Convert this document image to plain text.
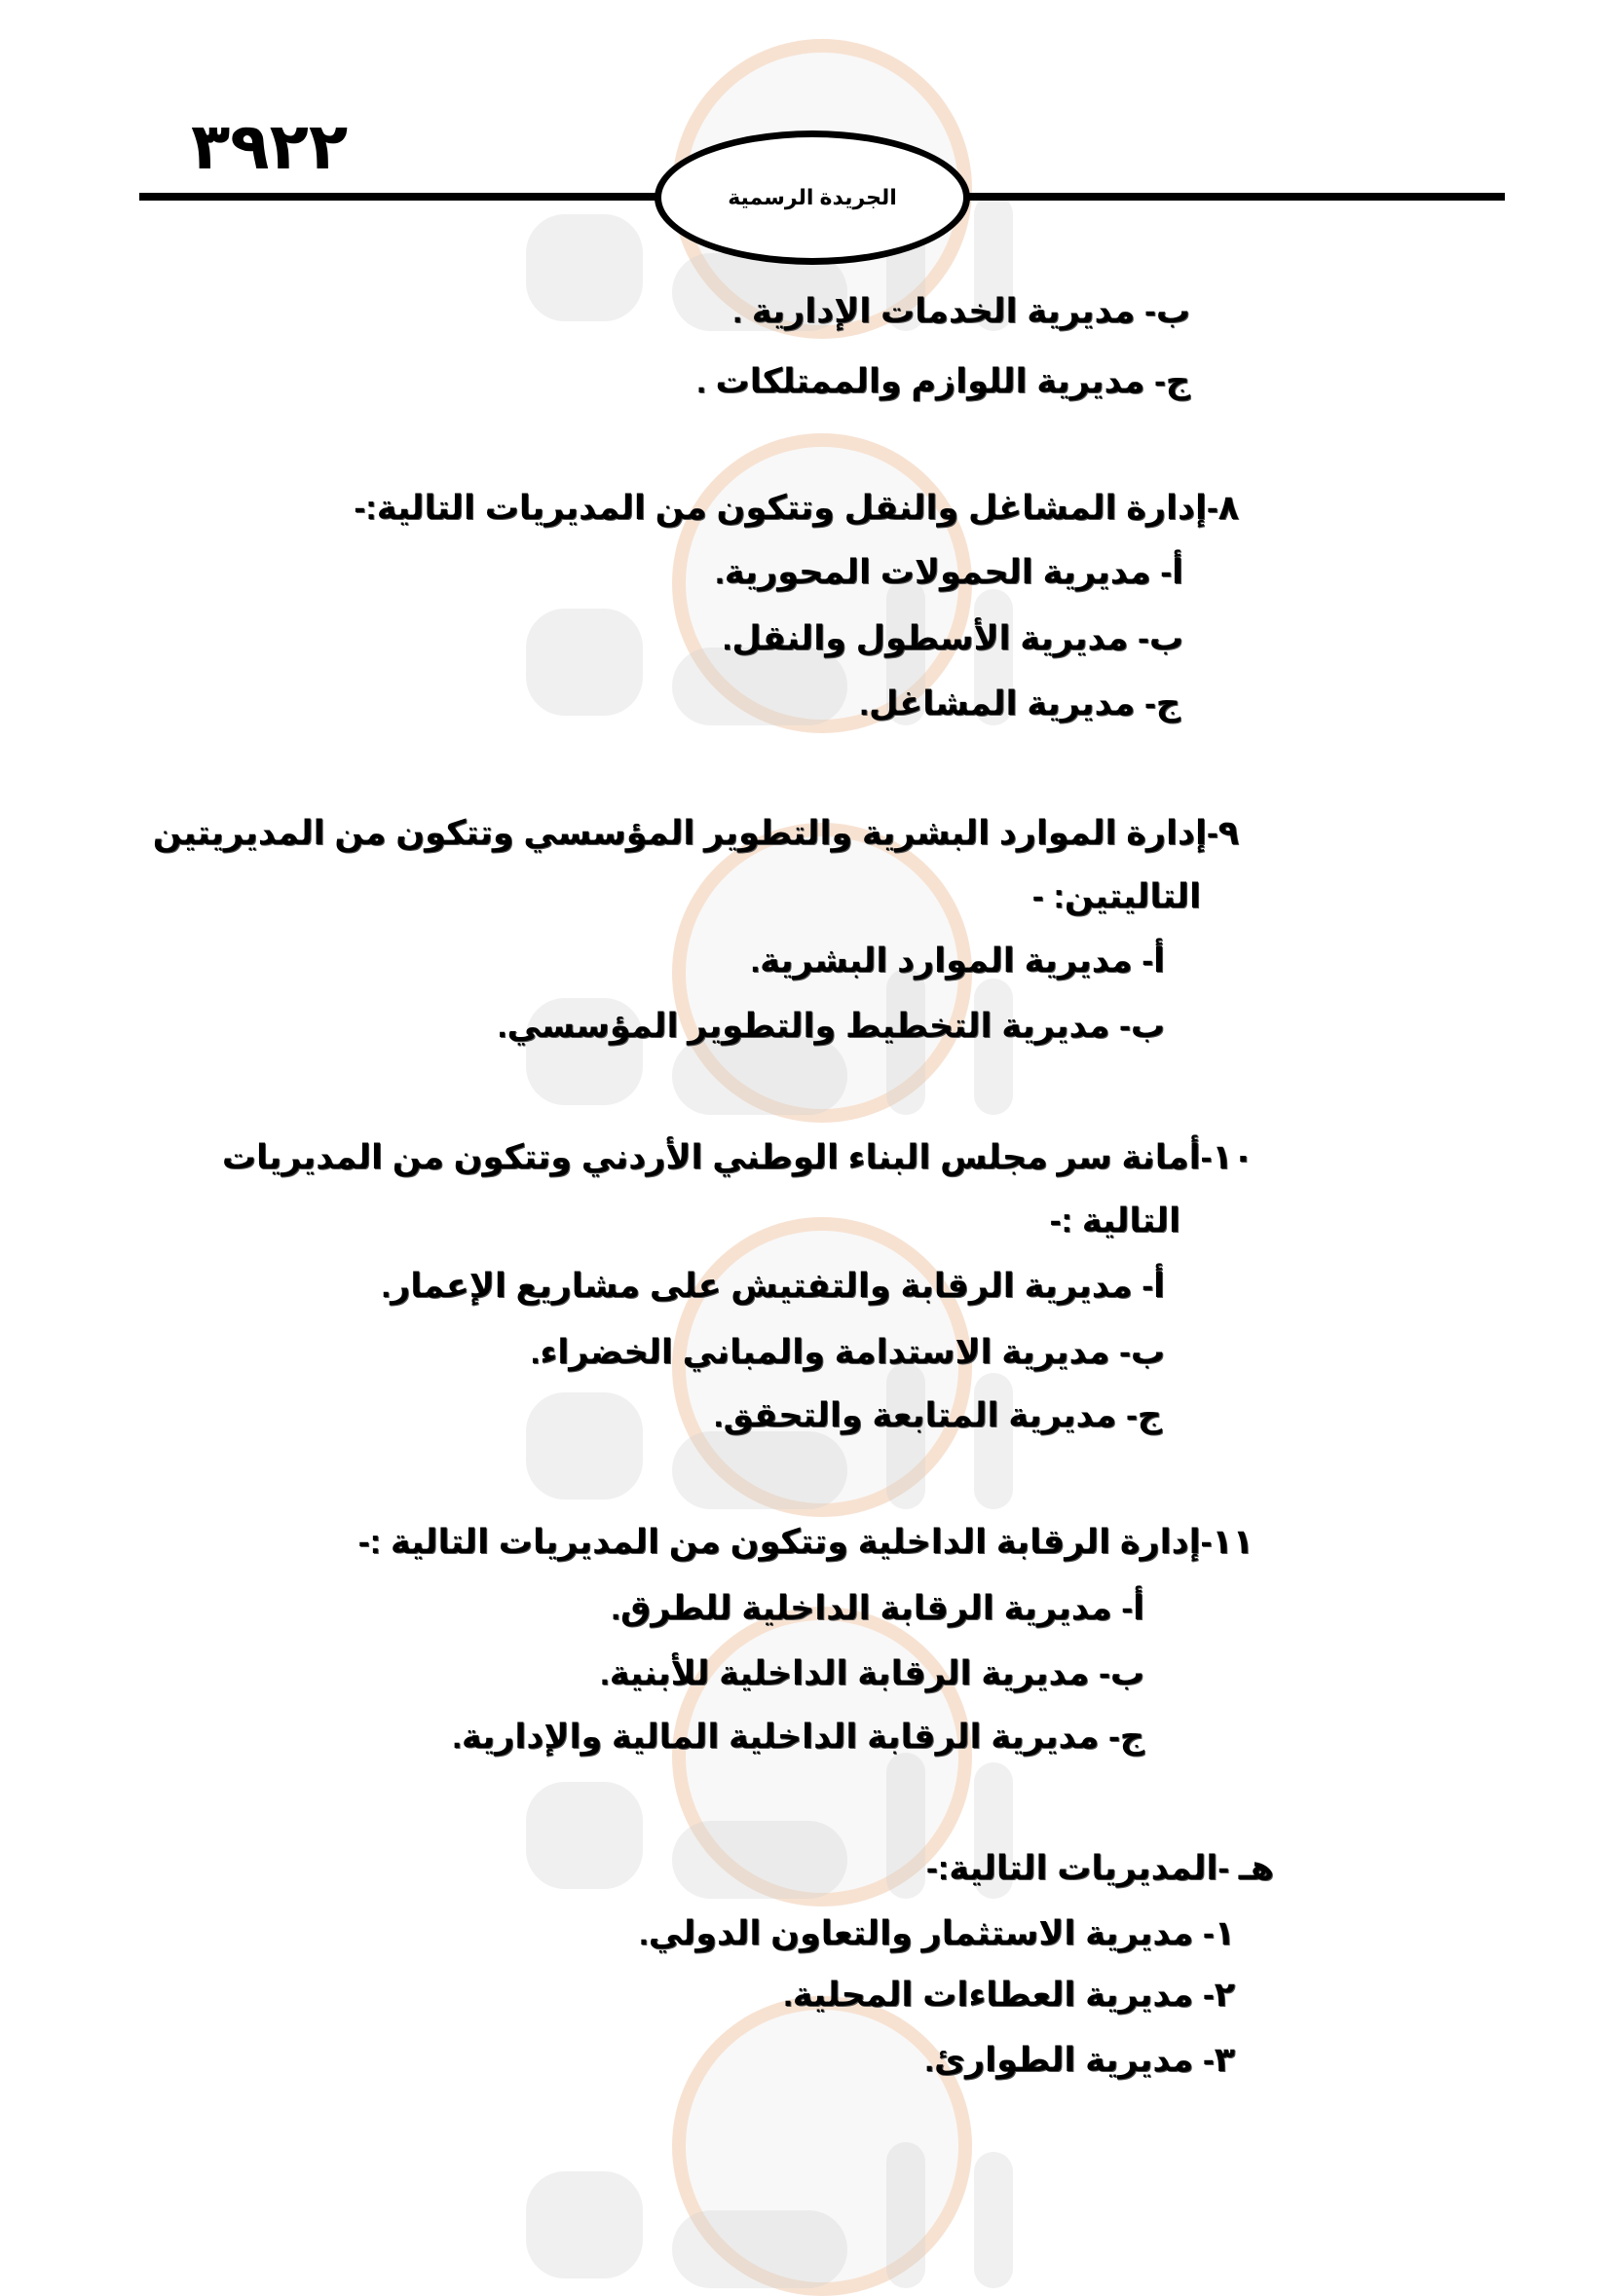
٣٩٢٢
الجريدة الرسمية
ب- مديرية الخدمات الإدارية .
ج- مديرية اللوازم والممتلكات .
٨-إدارة المشاغل والنقل وتتكون من المديريات التالية:-
أ- مديرية الحمولات المحورية.
ب- مديرية الأسطول والنقل.
ج- مديرية المشاغل.
٩-إدارة الموارد البشرية والتطوير المؤسسي وتتكون من المديريتين
التاليتين: -
أ- مديرية الموارد البشرية.
ب- مديرية التخطيط والتطوير المؤسسي.
١٠-أمانة سر مجلس البناء الوطني الأردني وتتكون من المديريات
التالية :-
أ- مديرية الرقابة والتفتيش على مشاريع الإعمار.
ب- مديرية الاستدامة والمباني الخضراء.
ج- مديرية المتابعة والتحقق.
١١-إدارة الرقابة الداخلية وتتكون من المديريات التالية :-
أ- مديرية الرقابة الداخلية للطرق.
ب- مديرية الرقابة الداخلية للأبنية.
ج- مديرية الرقابة الداخلية المالية والإدارية.
هـ -المديريات التالية:-
١- مديرية الاستثمار والتعاون الدولي.
٢- مديرية العطاءات المحلية.
٣- مديرية الطوارئ.
